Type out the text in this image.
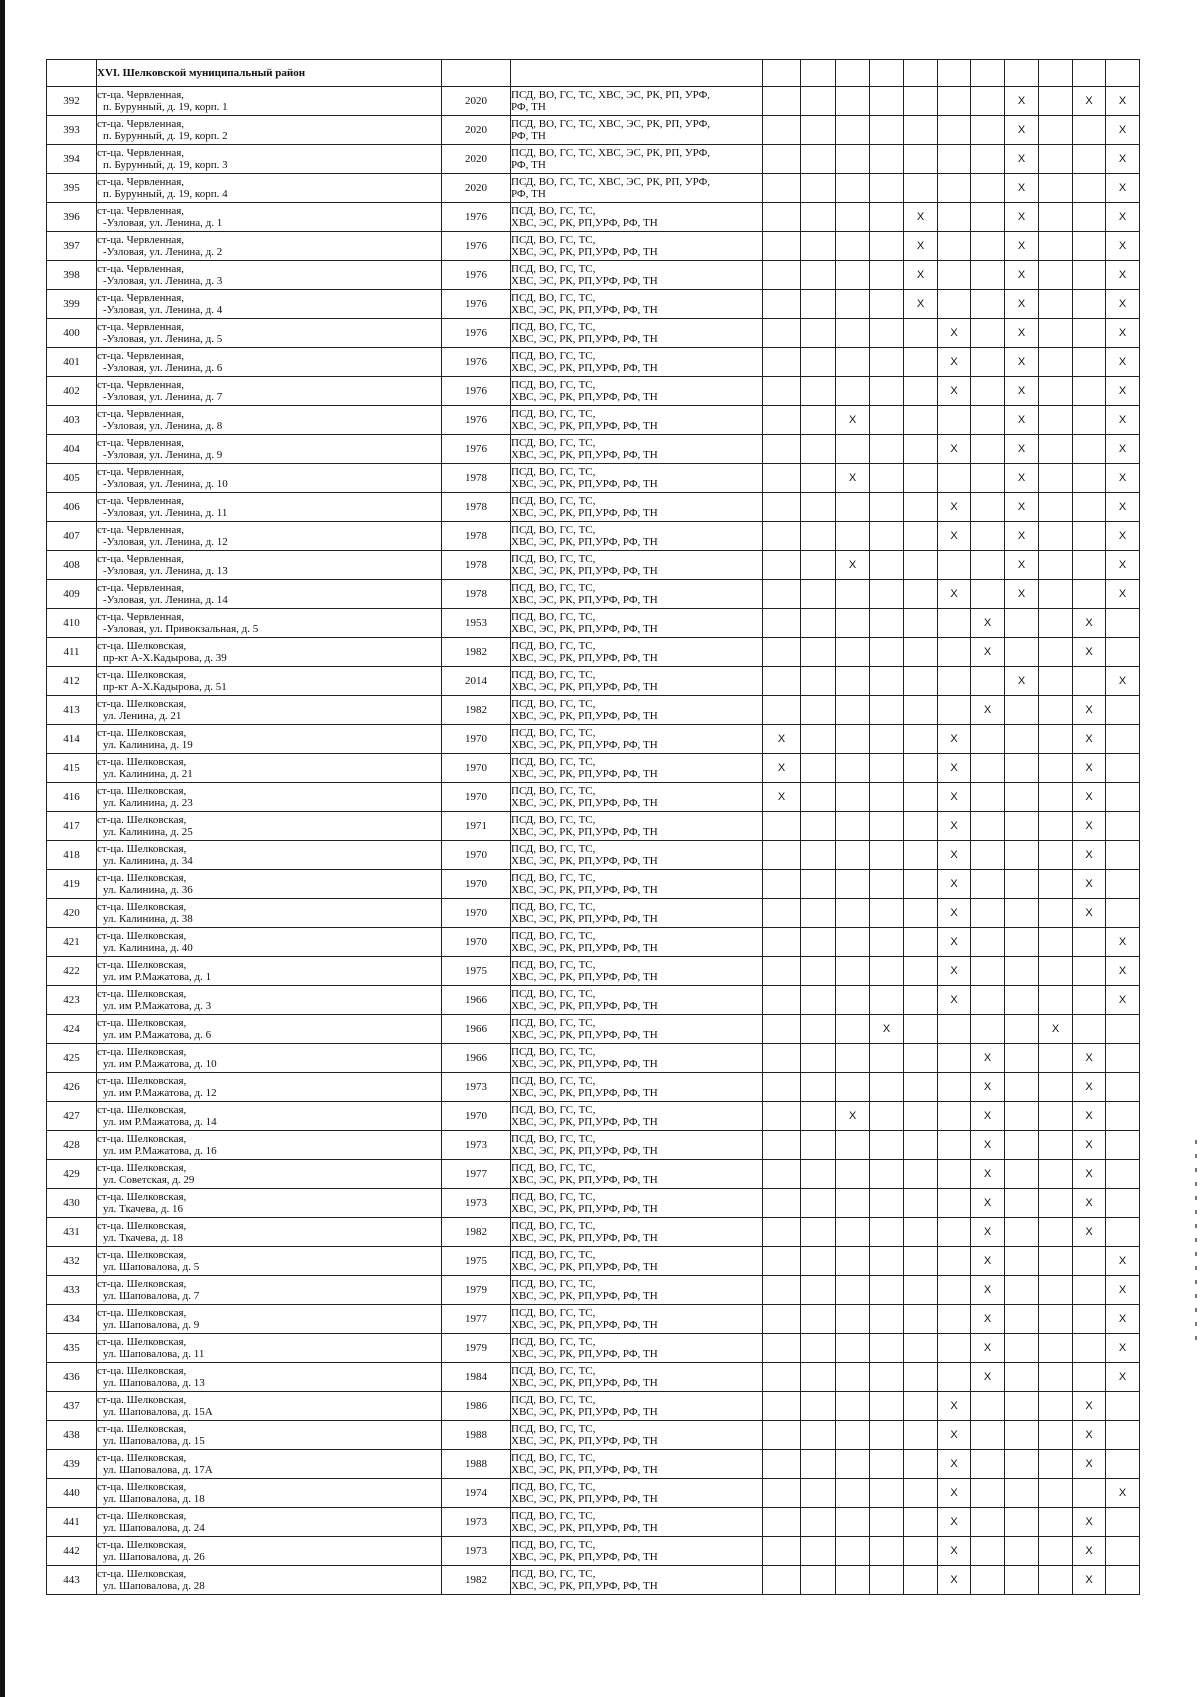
	XVI. Шелковской муниципальный район													
392	ст-ца. Червленная,
п. Бурунный, д. 19, корп. 1	2020	ПСД, ВО, ГС, ТС, ХВС, ЭС, РК, РП, УРФ,
РФ, ТН								X		X	X
393	ст-ца. Червленная,
п. Бурунный, д. 19, корп. 2	2020	ПСД, ВО, ГС, ТС, ХВС, ЭС, РК, РП, УРФ,
РФ, ТН								X			X
394	ст-ца. Червленная,
п. Бурунный, д. 19, корп. 3	2020	ПСД, ВО, ГС, ТС, ХВС, ЭС, РК, РП, УРФ,
РФ, ТН								X			X
395	ст-ца. Червленная,
п. Бурунный, д. 19, корп. 4	2020	ПСД, ВО, ГС, ТС, ХВС, ЭС, РК, РП, УРФ,
РФ, ТН								X			X
396	ст-ца. Червленная,
-Узловая, ул. Ленина, д. 1	1976	ПСД, ВО, ГС, ТС,
ХВС, ЭС, РК, РП,УРФ, РФ, ТН					X			X			X
397	ст-ца. Червленная,
-Узловая, ул. Ленина, д. 2	1976	ПСД, ВО, ГС, ТС,
ХВС, ЭС, РК, РП,УРФ, РФ, ТН					X			X			X
398	ст-ца. Червленная,
-Узловая, ул. Ленина, д. 3	1976	ПСД, ВО, ГС, ТС,
ХВС, ЭС, РК, РП,УРФ, РФ, ТН					X			X			X
399	ст-ца. Червленная,
-Узловая, ул. Ленина, д. 4	1976	ПСД, ВО, ГС, ТС,
ХВС, ЭС, РК, РП,УРФ, РФ, ТН					X			X			X
400	ст-ца. Червленная,
-Узловая, ул. Ленина, д. 5	1976	ПСД, ВО, ГС, ТС,
ХВС, ЭС, РК, РП,УРФ, РФ, ТН						X		X			X
401	ст-ца. Червленная,
-Узловая, ул. Ленина, д. 6	1976	ПСД, ВО, ГС, ТС,
ХВС, ЭС, РК, РП,УРФ, РФ, ТН						X		X			X
402	ст-ца. Червленная,
-Узловая, ул. Ленина, д. 7	1976	ПСД, ВО, ГС, ТС,
ХВС, ЭС, РК, РП,УРФ, РФ, ТН						X		X			X
403	ст-ца. Червленная,
-Узловая, ул. Ленина, д. 8	1976	ПСД, ВО, ГС, ТС,
ХВС, ЭС, РК, РП,УРФ, РФ, ТН			X					X			X
404	ст-ца. Червленная,
-Узловая, ул. Ленина, д. 9	1976	ПСД, ВО, ГС, ТС,
ХВС, ЭС, РК, РП,УРФ, РФ, ТН						X		X			X
405	ст-ца. Червленная,
-Узловая, ул. Ленина, д. 10	1978	ПСД, ВО, ГС, ТС,
ХВС, ЭС, РК, РП,УРФ, РФ, ТН			X					X			X
406	ст-ца. Червленная,
-Узловая, ул. Ленина, д. 11	1978	ПСД, ВО, ГС, ТС,
ХВС, ЭС, РК, РП,УРФ, РФ, ТН						X		X			X
407	ст-ца. Червленная,
-Узловая, ул. Ленина, д. 12	1978	ПСД, ВО, ГС, ТС,
ХВС, ЭС, РК, РП,УРФ, РФ, ТН						X		X			X
408	ст-ца. Червленная,
-Узловая, ул. Ленина, д. 13	1978	ПСД, ВО, ГС, ТС,
ХВС, ЭС, РК, РП,УРФ, РФ, ТН			X					X			X
409	ст-ца. Червленная,
-Узловая, ул. Ленина, д. 14	1978	ПСД, ВО, ГС, ТС,
ХВС, ЭС, РК, РП,УРФ, РФ, ТН						X		X			X
410	ст-ца. Червленная,
-Узловая, ул. Привокзальная, д. 5	1953	ПСД, ВО, ГС, ТС,
ХВС, ЭС, РК, РП,УРФ, РФ, ТН							X			X	
411	ст-ца. Шелковская,
пр-кт А-Х.Кадырова, д. 39	1982	ПСД, ВО, ГС, ТС,
ХВС, ЭС, РК, РП,УРФ, РФ, ТН							X			X	
412	ст-ца. Шелковская,
пр-кт А-Х.Кадырова, д. 51	2014	ПСД, ВО, ГС, ТС,
ХВС, ЭС, РК, РП,УРФ, РФ, ТН								X			X
413	ст-ца. Шелковская,
ул. Ленина, д. 21	1982	ПСД, ВО, ГС, ТС,
ХВС, ЭС, РК, РП,УРФ, РФ, ТН							X			X	
414	ст-ца. Шелковская,
ул. Калинина, д. 19	1970	ПСД, ВО, ГС, ТС,
ХВС, ЭС, РК, РП,УРФ, РФ, ТН	X					X				X	
415	ст-ца. Шелковская,
ул. Калинина, д. 21	1970	ПСД, ВО, ГС, ТС,
ХВС, ЭС, РК, РП,УРФ, РФ, ТН	X					X				X	
416	ст-ца. Шелковская,
ул. Калинина, д. 23	1970	ПСД, ВО, ГС, ТС,
ХВС, ЭС, РК, РП,УРФ, РФ, ТН	X					X				X	
417	ст-ца. Шелковская,
ул. Калинина, д. 25	1971	ПСД, ВО, ГС, ТС,
ХВС, ЭС, РК, РП,УРФ, РФ, ТН						X				X	
418	ст-ца. Шелковская,
ул. Калинина, д. 34	1970	ПСД, ВО, ГС, ТС,
ХВС, ЭС, РК, РП,УРФ, РФ, ТН						X				X	
419	ст-ца. Шелковская,
ул. Калинина, д. 36	1970	ПСД, ВО, ГС, ТС,
ХВС, ЭС, РК, РП,УРФ, РФ, ТН						X				X	
420	ст-ца. Шелковская,
ул. Калинина, д. 38	1970	ПСД, ВО, ГС, ТС,
ХВС, ЭС, РК, РП,УРФ, РФ, ТН						X				X	
421	ст-ца. Шелковская,
ул. Калинина, д. 40	1970	ПСД, ВО, ГС, ТС,
ХВС, ЭС, РК, РП,УРФ, РФ, ТН						X					X
422	ст-ца. Шелковская,
ул. им Р.Мажатова, д. 1	1975	ПСД, ВО, ГС, ТС,
ХВС, ЭС, РК, РП,УРФ, РФ, ТН						X					X
423	ст-ца. Шелковская,
ул. им Р.Мажатова, д. 3	1966	ПСД, ВО, ГС, ТС,
ХВС, ЭС, РК, РП,УРФ, РФ, ТН						X					X
424	ст-ца. Шелковская,
ул. им Р.Мажатова, д. 6	1966	ПСД, ВО, ГС, ТС,
ХВС, ЭС, РК, РП,УРФ, РФ, ТН				X					X		
425	ст-ца. Шелковская,
ул. им Р.Мажатова, д. 10	1966	ПСД, ВО, ГС, ТС,
ХВС, ЭС, РК, РП,УРФ, РФ, ТН							X			X	
426	ст-ца. Шелковская,
ул. им Р.Мажатова, д. 12	1973	ПСД, ВО, ГС, ТС,
ХВС, ЭС, РК, РП,УРФ, РФ, ТН							X			X	
427	ст-ца. Шелковская,
ул. им Р.Мажатова, д. 14	1970	ПСД, ВО, ГС, ТС,
ХВС, ЭС, РК, РП,УРФ, РФ, ТН			X				X			X	
428	ст-ца. Шелковская,
ул. им Р.Мажатова, д. 16	1973	ПСД, ВО, ГС, ТС,
ХВС, ЭС, РК, РП,УРФ, РФ, ТН							X			X	
429	ст-ца. Шелковская,
ул. Советская, д. 29	1977	ПСД, ВО, ГС, ТС,
ХВС, ЭС, РК, РП,УРФ, РФ, ТН							X			X	
430	ст-ца. Шелковская,
ул. Ткачева, д. 16	1973	ПСД, ВО, ГС, ТС,
ХВС, ЭС, РК, РП,УРФ, РФ, ТН							X			X	
431	ст-ца. Шелковская,
ул. Ткачева, д. 18	1982	ПСД, ВО, ГС, ТС,
ХВС, ЭС, РК, РП,УРФ, РФ, ТН							X			X	
432	ст-ца. Шелковская,
ул. Шаповалова, д. 5	1975	ПСД, ВО, ГС, ТС,
ХВС, ЭС, РК, РП,УРФ, РФ, ТН							X				X
433	ст-ца. Шелковская,
ул. Шаповалова, д. 7	1979	ПСД, ВО, ГС, ТС,
ХВС, ЭС, РК, РП,УРФ, РФ, ТН							X				X
434	ст-ца. Шелковская,
ул. Шаповалова, д. 9	1977	ПСД, ВО, ГС, ТС,
ХВС, ЭС, РК, РП,УРФ, РФ, ТН							X				X
435	ст-ца. Шелковская,
ул. Шаповалова, д. 11	1979	ПСД, ВО, ГС, ТС,
ХВС, ЭС, РК, РП,УРФ, РФ, ТН							X				X
436	ст-ца. Шелковская,
ул. Шаповалова, д. 13	1984	ПСД, ВО, ГС, ТС,
ХВС, ЭС, РК, РП,УРФ, РФ, ТН							X				X
437	ст-ца. Шелковская,
ул. Шаповалова, д. 15А	1986	ПСД, ВО, ГС, ТС,
ХВС, ЭС, РК, РП,УРФ, РФ, ТН						X				X	
438	ст-ца. Шелковская,
ул. Шаповалова, д. 15	1988	ПСД, ВО, ГС, ТС,
ХВС, ЭС, РК, РП,УРФ, РФ, ТН						X				X	
439	ст-ца. Шелковская,
ул. Шаповалова, д. 17А	1988	ПСД, ВО, ГС, ТС,
ХВС, ЭС, РК, РП,УРФ, РФ, ТН						X				X	
440	ст-ца. Шелковская,
ул. Шаповалова, д. 18	1974	ПСД, ВО, ГС, ТС,
ХВС, ЭС, РК, РП,УРФ, РФ, ТН						X					X
441	ст-ца. Шелковская,
ул. Шаповалова, д. 24	1973	ПСД, ВО, ГС, ТС,
ХВС, ЭС, РК, РП,УРФ, РФ, ТН						X				X	
442	ст-ца. Шелковская,
ул. Шаповалова, д. 26	1973	ПСД, ВО, ГС, ТС,
ХВС, ЭС, РК, РП,УРФ, РФ, ТН						X				X	
443	ст-ца. Шелковская,
ул. Шаповалова, д. 28	1982	ПСД, ВО, ГС, ТС,
ХВС, ЭС, РК, РП,УРФ, РФ, ТН						X				X	
